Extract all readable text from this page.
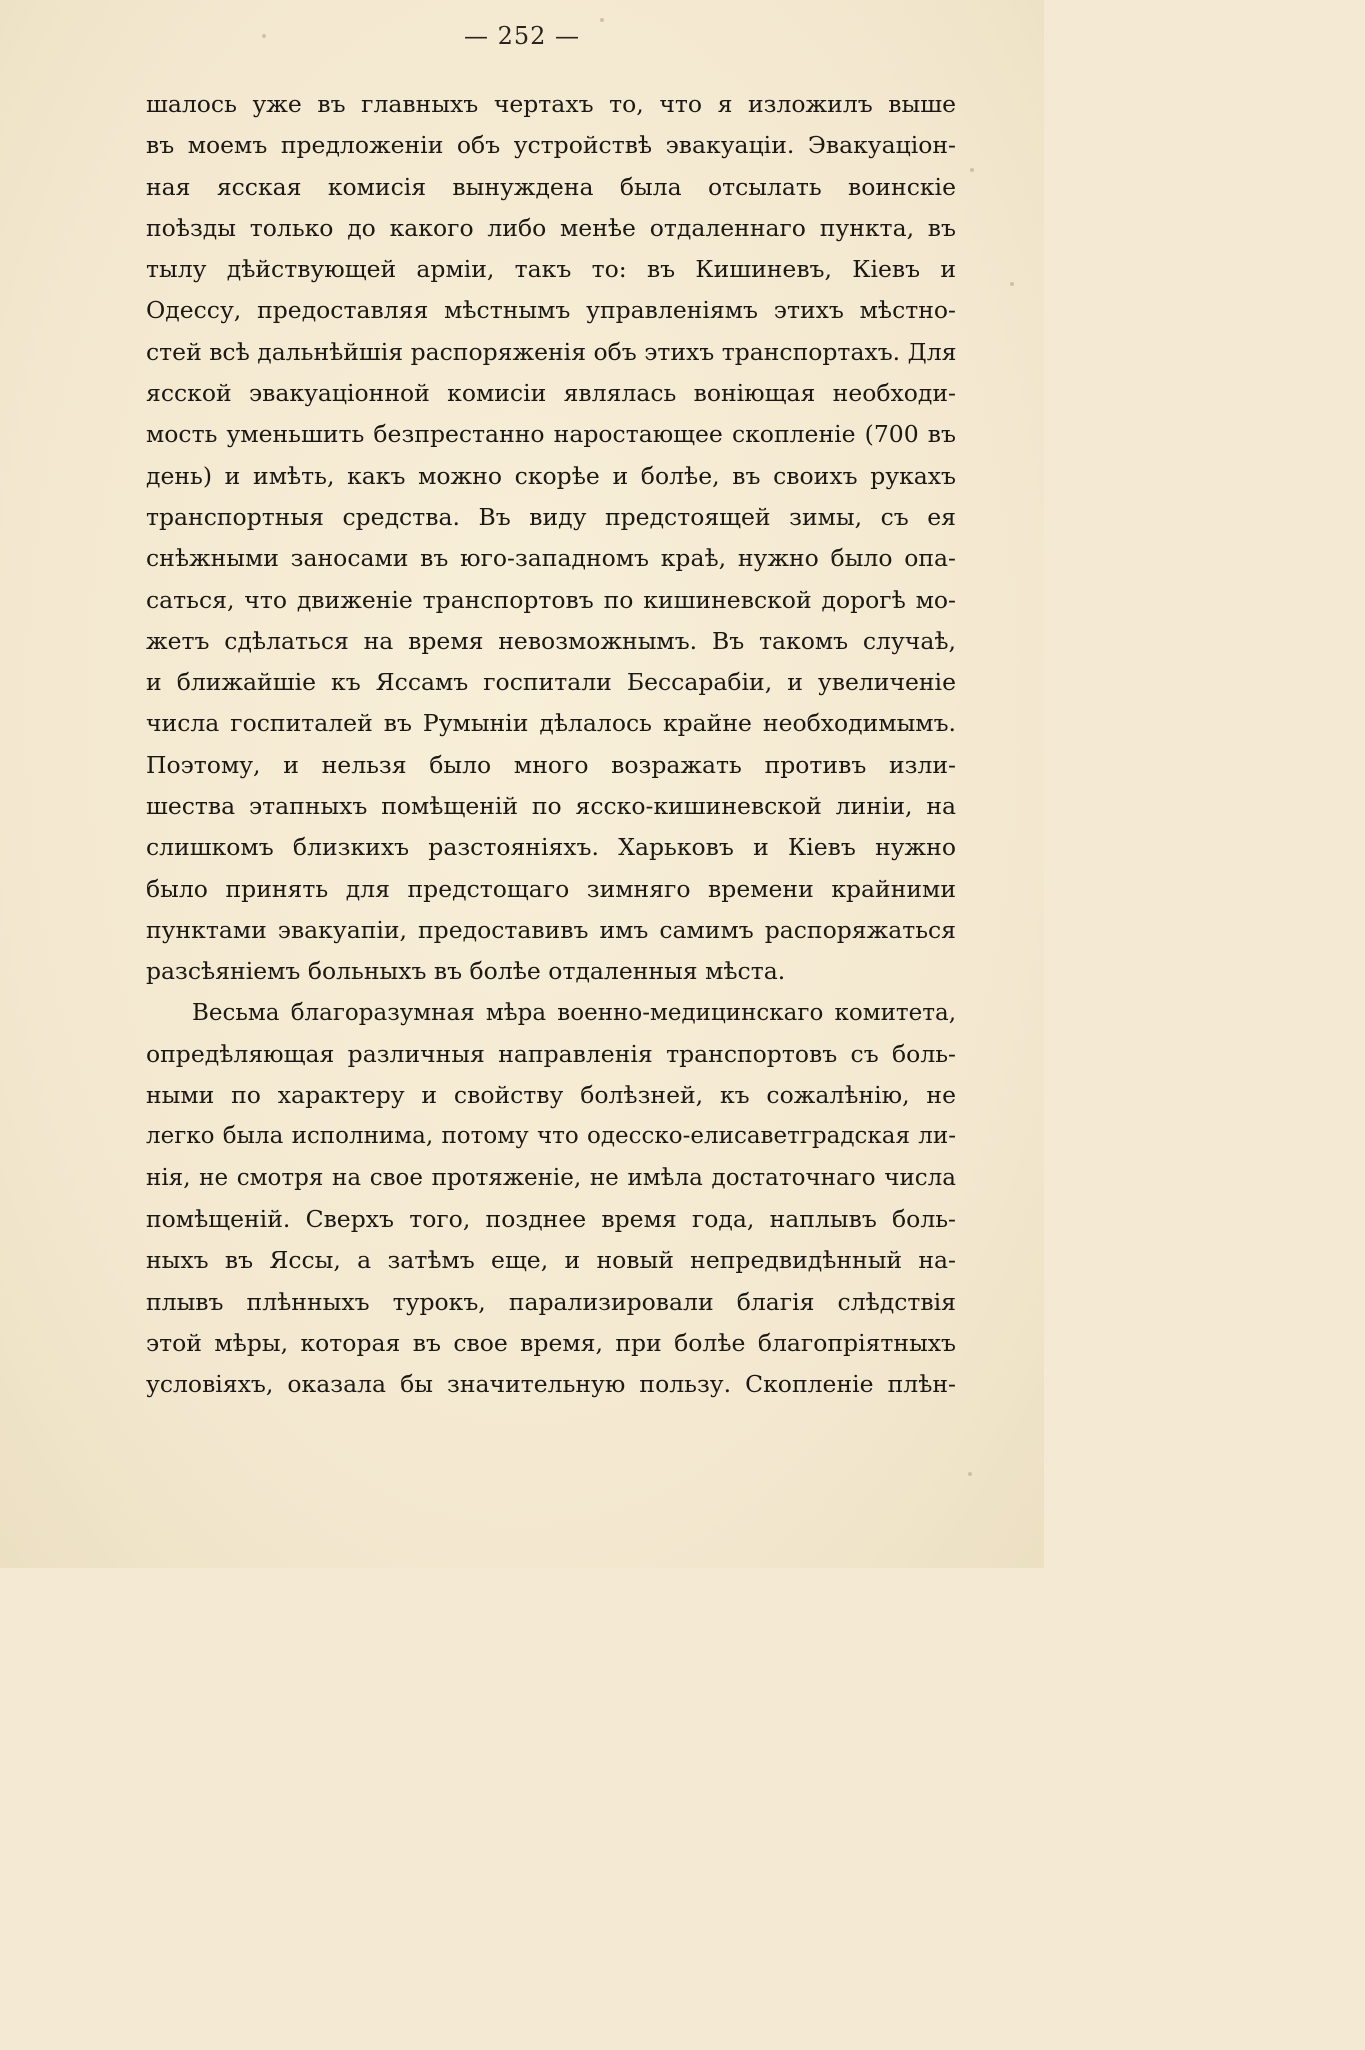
— 252 —
шалось уже въ главныхъ чертахъ то, что я изложилъ выше
въ моемъ предложеніи объ устройствѣ эвакуаціи. Эвакуаціон-
ная ясская комисія вынуждена была отсылать воинскіе
поѣзды только до какого либо менѣе отдаленнаго пункта, въ
тылу дѣйствующей арміи, такъ то: въ Кишиневъ, Кіевъ и
Одессу, предоставляя мѣстнымъ управленіямъ этихъ мѣстно-
стей всѣ дальнѣйшія распоряженія объ этихъ транспортахъ. Для
ясской эвакуаціонной комисіи являлась воніющая необходи-
мость уменьшить безпрестанно наростающее скопленіе (700 въ
день) и имѣть, какъ можно скорѣе и болѣе, въ своихъ рукахъ
транспортныя средства. Въ виду предстоящей зимы, съ ея
снѣжными заносами въ юго-западномъ краѣ, нужно было опа-
саться, что движеніе транспортовъ по кишиневской дорогѣ мо-
жетъ сдѣлаться на время невозможнымъ. Въ такомъ случаѣ,
и ближайшіе къ Яссамъ госпитали Бессарабіи, и увеличеніе
числа госпиталей въ Румыніи дѣлалось крайне необходимымъ.
Поэтому, и нельзя было много возражать противъ изли-
шества этапныхъ помѣщеній по ясско-кишиневской линіи, на
слишкомъ близкихъ разстояніяхъ. Харьковъ и Кіевъ нужно
было принять для предстощаго зимняго времени крайними
пунктами эвакуапіи, предоставивъ имъ самимъ распоряжаться
разсѣяніемъ больныхъ въ болѣе отдаленныя мѣста.
Весьма благоразумная мѣра военно-медицинскаго комитета,
опредѣляющая различныя направленія транспортовъ съ боль-
ными по характеру и свойству болѣзней, къ сожалѣнію, не
легко была исполнима, потому что одесско-елисаветградская ли-
нія, не смотря на свое протяженіе, не имѣла достаточнаго числа
помѣщеній. Сверхъ того, позднее время года, наплывъ боль-
ныхъ въ Яссы, а затѣмъ еще, и новый непредвидѣнный на-
плывъ плѣнныхъ турокъ, парализировали благія слѣдствія
этой мѣры, которая въ свое время, при болѣе благопріятныхъ
условіяхъ, оказала бы значительную пользу. Скопленіе плѣн-
